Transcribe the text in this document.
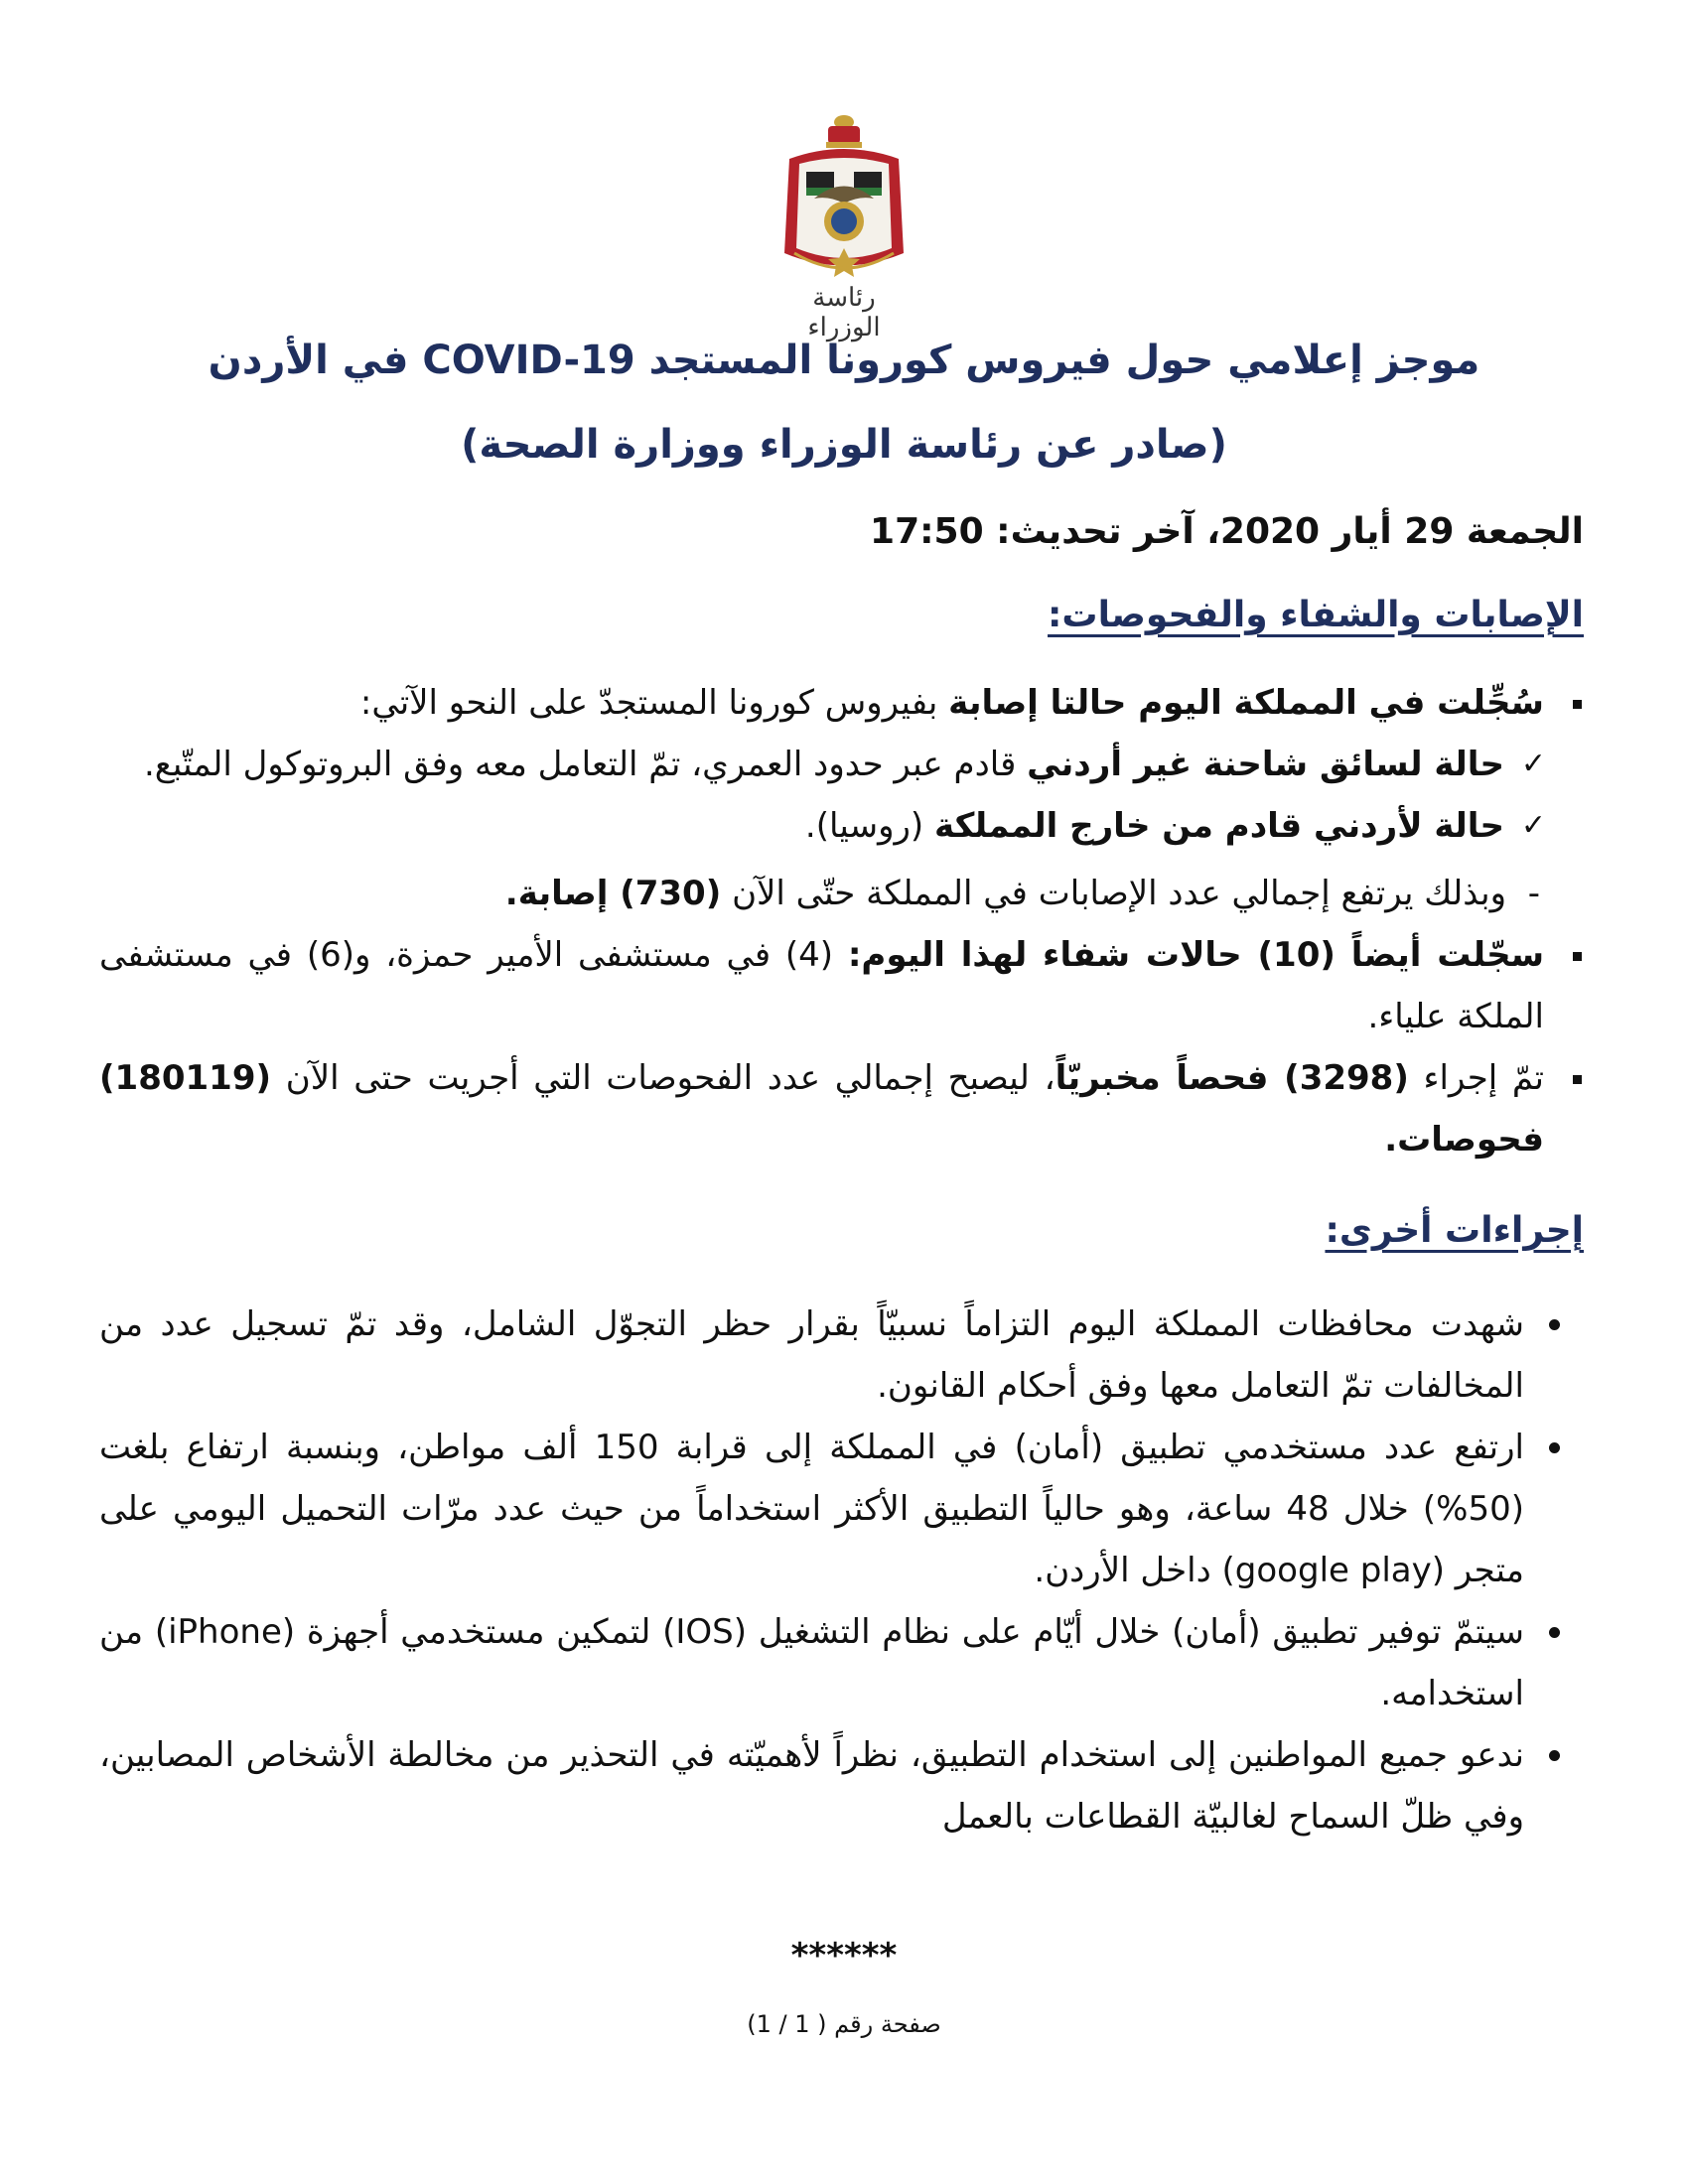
رئاسة الوزراء
موجز إعلامي حول فيروس كورونا المستجد COVID-19 في الأردن
(صادر عن رئاسة الوزراء ووزارة الصحة)
الجمعة 29 أيار 2020، آخر تحديث: 17:50
الإصابات والشفاء والفحوصات:
سُجِّلت في المملكة اليوم حالتا إصابة بفيروس كورونا المستجدّ على النحو الآتي:
✓
حالة لسائق شاحنة غير أردني قادم عبر حدود العمري، تمّ التعامل معه وفق البروتوكول المتّبع.
✓
حالة لأردني قادم من خارج المملكة (روسيا).
-
وبذلك يرتفع إجمالي عدد الإصابات في المملكة حتّى الآن (730) إصابة.
سجّلت أيضاً (10) حالات شفاء لهذا اليوم: (4) في مستشفى الأمير حمزة، و(6) في مستشفى الملكة علياء.
تمّ إجراء (3298) فحصاً مخبريّاً، ليصبح إجمالي عدد الفحوصات التي أجريت حتى الآن (180119) فحوصات.
إجراءات أخرى:
شهدت محافظات المملكة اليوم التزاماً نسبيّاً بقرار حظر التجوّل الشامل، وقد تمّ تسجيل عدد من المخالفات تمّ التعامل معها وفق أحكام القانون.
ارتفع عدد مستخدمي تطبيق (أمان) في المملكة إلى قرابة 150 ألف مواطن، وبنسبة ارتفاع بلغت (50%) خلال 48 ساعة، وهو حالياً التطبيق الأكثر استخداماً من حيث عدد مرّات التحميل اليومي على متجر (google play) داخل الأردن.
سيتمّ توفير تطبيق (أمان) خلال أيّام على نظام التشغيل (IOS) لتمكين مستخدمي أجهزة (iPhone) من استخدامه.
ندعو جميع المواطنين إلى استخدام التطبيق، نظراً لأهميّته في التحذير من مخالطة الأشخاص المصابين، وفي ظلّ السماح لغالبيّة القطاعات بالعمل
******
صفحة رقم ( 1 / 1)
